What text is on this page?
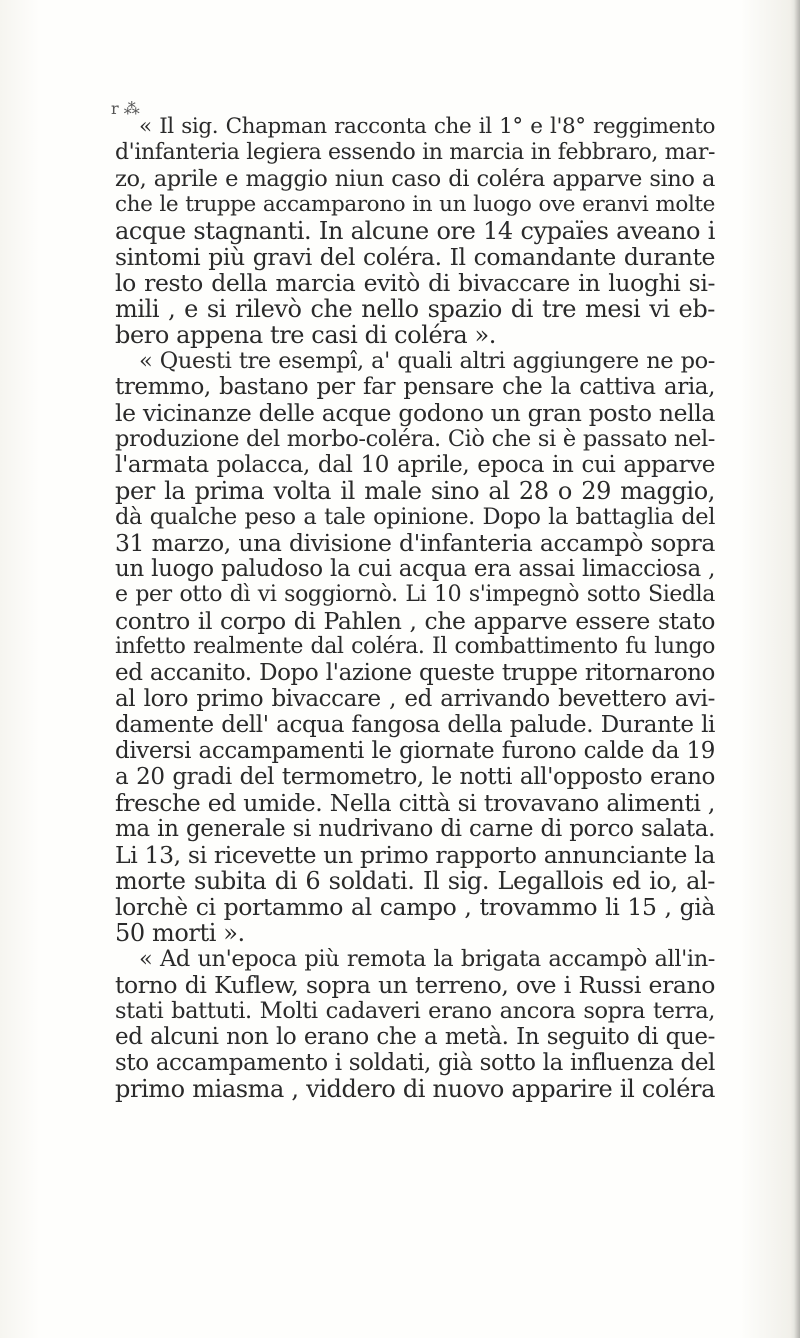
r ⁂
« Il sig. Chapman racconta che il 1° e l'8° reggimento
d'infanteria legiera essendo in marcia in febbraro, mar-
zo, aprile e maggio niun caso di coléra apparve sino a
che le truppe accamparono in un luogo ove eranvi molte
acque stagnanti. In alcune ore 14 cypaïes aveano i
sintomi più gravi del coléra. Il comandante durante
lo resto della marcia evitò di bivaccare in luoghi si-
mili , e si rilevò che nello spazio di tre mesi vi eb-
bero appena tre casi di coléra ».
« Questi tre esempî, a' quali altri aggiungere ne po-
tremmo, bastano per far pensare che la cattiva aria,
le vicinanze delle acque godono un gran posto nella
produzione del morbo-coléra. Ciò che si è passato nel-
l'armata polacca, dal 10 aprile, epoca in cui apparve
per la prima volta il male sino al 28 o 29 maggio,
dà qualche peso a tale opinione. Dopo la battaglia del
31 marzo, una divisione d'infanteria accampò sopra
un luogo paludoso la cui acqua era assai limacciosa ,
e per otto dì vi soggiornò. Li 10 s'impegnò sotto Siedla
contro il corpo di Pahlen , che apparve essere stato
infetto realmente dal coléra. Il combattimento fu lungo
ed accanito. Dopo l'azione queste truppe ritornarono
al loro primo bivaccare , ed arrivando bevettero avi-
damente dell' acqua fangosa della palude. Durante li
diversi accampamenti le giornate furono calde da 19
a 20 gradi del termometro, le notti all'opposto erano
fresche ed umide. Nella città si trovavano alimenti ,
ma in generale si nudrivano di carne di porco salata.
Li 13, si ricevette un primo rapporto annunciante la
morte subita di 6 soldati. Il sig. Legallois ed io, al-
lorchè ci portammo al campo , trovammo li 15 , già
50 morti ».
« Ad un'epoca più remota la brigata accampò all'in-
torno di Kuflew, sopra un terreno, ove i Russi erano
stati battuti. Molti cadaveri erano ancora sopra terra,
ed alcuni non lo erano che a metà. In seguito di que-
sto accampamento i soldati, già sotto la influenza del
primo miasma , viddero di nuovo apparire il coléra
